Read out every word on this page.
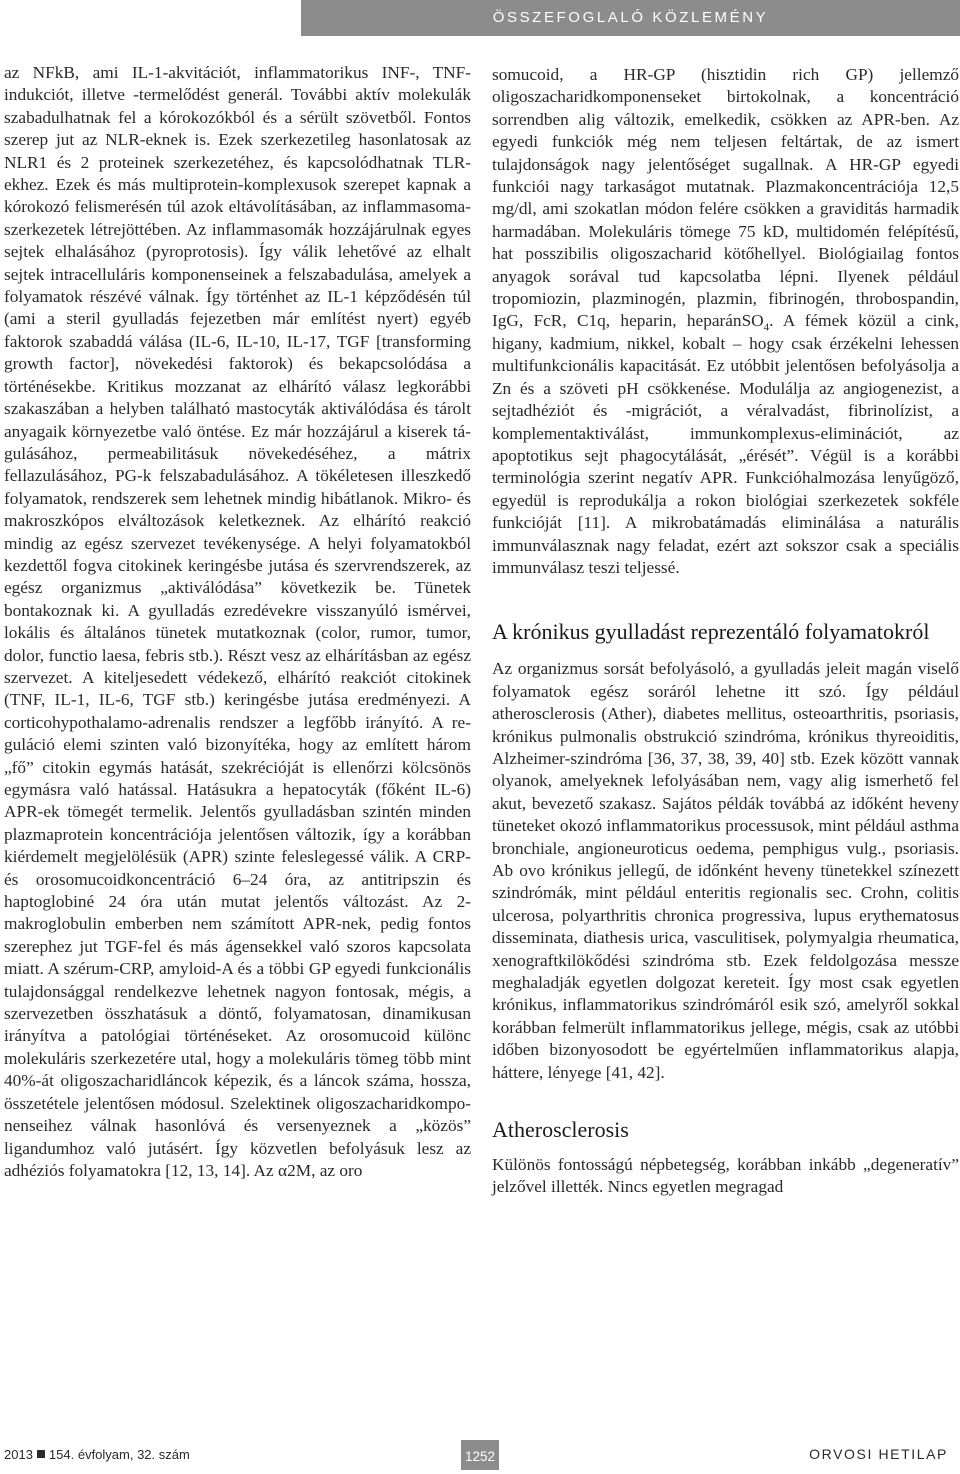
ÖSSZEFOGLALÓ KÖZLEMÉNY

az NFkB, ami IL-1-akvitációt, inflammatorikus INF-, TNF-indukciót, illetve -termelődést generál. További aktív molekulák szabadulhatnak fel a kórokozókból és a sérült szövetből. Fontos szerep jut az NLR-eknek is. Ezek szerkezetileg hasonlatosak az NLR1 és 2 proteinek szerkezetéhez, és kapcsolódhatnak TLR-ekhez. Ezek és más multiprotein-komplexusok szerepet kapnak a kórokozó felismerésén túl azok eltávolításában, az inflammasoma-szerkezetek létrejöttében. Az inflammasomák hozzájárulnak egyes sejtek elhalásához (pyroprotosis). Így válik lehetővé az elhalt sejtek intracelluláris komponenseinek a felszabadulása, amelyek a folyamatok részévé válnak. Így történhet az IL-1 képződésén túl (ami a steril gyulladás fejezetben már említést nyert) egyéb faktorok szabaddá válása (IL-6, IL-10, IL-17, TGF [transforming growth factor], növekedési faktorok) és bekapcsolódása a történésekbe. Kritikus mozzanat az elhárító válasz legkorábbi szakaszában a helyben található mastocyták aktiválódása és tárolt anyagaik környezetbe való öntése. Ez már hozzájárul a kiserek tágulásához, permeabilitásuk növekedéséhez, a mátrix fellazulásához, PG-k felszabadulásához. A tökéletesen illeszkedő folyamatok, rendszerek sem lehetnek mindig hibátlanok. Mikro- és makroszkópos elváltozások keletkeznek. Az elhárító reakció mindig az egész szervezet tevékenysége. A helyi folyamatokból kezdettől fogva citokinek keringésbe jutása és szervrendszerek, az egész organizmus „aktiválódása” következik be. Tünetek bontakoznak ki. A gyulladás ezredévekre visszanyúló ismérvei, lokális és általános tünetek mutatkoznak (color, rumor, tumor, dolor, functio laesa, febris stb.). Részt vesz az elhárításban az egész szervezet. A kiteljesedett védekező, elhárító reakciót citokinek (TNF, IL-1, IL-6, TGF stb.) keringésbe jutása eredményezi. A corticohypothalamo-adrenalis rendszer a legfőbb irányító. A reguláció elemi szinten való bizonyítéka, hogy az említett három „fő” citokin egymás hatását, szekrécióját is ellenőrzi kölcsönös egymásra való hatással. Hatásukra a hepatocyták (főként IL-6) APR-ek tömegét termelik. Jelentős gyulladásban szintén minden plazmaprotein koncentrációja jelentősen változik, így a korábban kiérdemelt megjelölésük (APR) szinte feleslegessé válik. A CRP- és orosomucoidkoncentráció 6–24 óra, az antitripszin és haptoglobiné 24 óra után mutat jelentős változást. Az 2-makroglobulin emberben nem számított APR-nek, pedig fontos szerephez jut TGF-fel és más ágensekkel való szoros kapcsolata miatt. A szérum-CRP, amyloid-A és a többi GP egyedi funkcionális tulajdonsággal rendelkezve lehetnek nagyon fontosak, mégis, a szervezetben összhatásuk a döntő, folyamatosan, dinamikusan irányítva a patológiai történéseket. Az orosomucoid különc molekuláris szerkezetére utal, hogy a molekuláris tömeg több mint 40%-át oligoszacharidláncok képezik, és a láncok száma, hossza, összetétele jelentősen módosul. Szelektinek oligoszacharidkomponenseihez válnak hasonlóvá és versenyeznek a „közös” ligandumhoz való jutásért. Így közvetlen befolyásuk lesz az adhéziós folyamatokra [12, 13, 14]. Az α2M, az oro

somucoid, a HR-GP (hisztidin rich GP) jellemző oligoszacharidkomponenseket birtokolnak, a koncentráció sorrendben alig változik, emelkedik, csökken az APR-ben. Az egyedi funkciók még nem teljesen feltártak, de az ismert tulajdonságok nagy jelentőséget sugallnak. A HR-GP egyedi funkciói nagy tarkaságot mutatnak. Plazmakoncentrációja 12,5 mg/dl, ami szokatlan módon felére csökken a graviditás harmadik harmadában. Molekuláris tömege 75 kD, multidomén felépítésű, hat posszibilis oligoszacharid kötőhellyel. Biológiailag fontos anyagok sorával tud kapcsolatba lépni. Ilyenek például tropomiozin, plazminogén, plazmin, fibrinogén, throbospandin, IgG, FcR, C1q, heparin, heparánSO$_4$. A fémek közül a cink, higany, kadmium, nikkel, kobalt – hogy csak érzékelni lehessen multifunkcionális kapacitását. Ez utóbbit jelentősen befolyásolja a Zn és a szöveti pH csökkenése. Modulálja az angiogenezist, a sejtadhéziót és -migrációt, a véralvadást, fibrinolízist, a komplementaktiválást, immunkomplexus-eliminációt, az apoptotikus sejt phagocytálását, „érését”. Végül is a korábbi terminológia szerint negatív APR. Funkcióhalmozása lenyűgöző, egyedül is reprodukálja a rokon biológiai szerkezetek sokféle funkcióját [11]. A mikrobatámadás eliminálása a naturális immunválasznak nagy feladat, ezért azt sokszor csak a speciális immunválasz teszi teljessé.

A krónikus gyulladást reprezentáló folyamatokról

Az organizmus sorsát befolyásoló, a gyulladás jeleit magán viselő folyamatok egész soráról lehetne itt szó. Így például atherosclerosis (Ather), diabetes mellitus, osteoarthritis, psoriasis, krónikus pulmonalis obstrukció szindróma, krónikus thyreoiditis, Alzheimer-szindróma [36, 37, 38, 39, 40] stb. Ezek között vannak olyanok, amelyeknek lefolyásában nem, vagy alig ismerhető fel akut, bevezető szakasz. Sajátos példák továbbá az időként heveny tüneteket okozó inflammatorikus processusok, mint például asthma bronchiale, angioneuroticus oedema, pemphigus vulg., psoriasis. Ab ovo krónikus jellegű, de időnként heveny tünetekkel színezett szindrómák, mint például enteritis regionalis sec. Crohn, colitis ulcerosa, polyarthritis chronica progressiva, lupus erythematosus disseminata, diathesis urica, vasculitisek, polymyalgia rheumatica, xenograftkilökődési szindróma stb. Ezek feldolgozása messze meghaladják egyetlen dolgozat kereteit. Így most csak egyetlen krónikus, inflammatorikus szindrómáról esik szó, amelyről sokkal korábban felmerült inflammatorikus jellege, mégis, csak az utóbbi időben bizonyosodott be egyértelműen inflammatorikus alapja, háttere, lényege [41, 42].

Atherosclerosis

Különös fontosságú népbetegség, korábban inkább „degeneratív” jelzővel illették. Nincs egyetlen megragad

2013 154. évfolyam, 32. szám	1252	ORVOSI HETILAP
